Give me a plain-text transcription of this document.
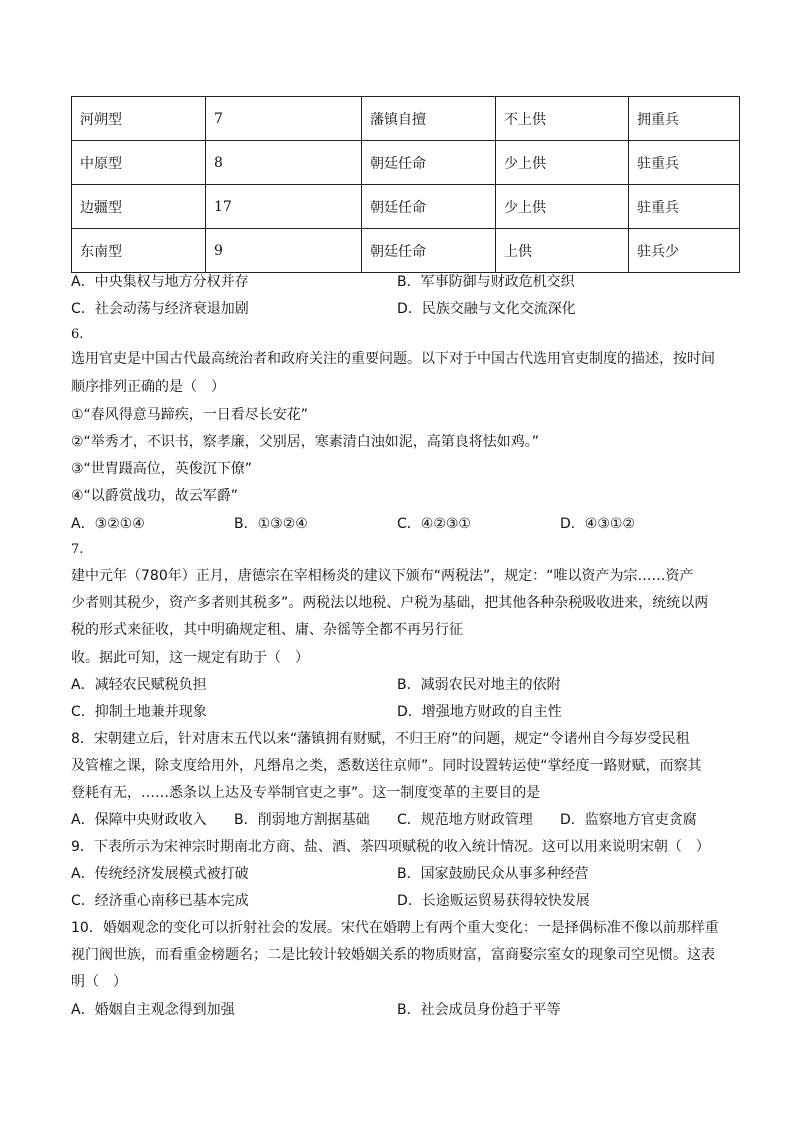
河朔型	7	藩镇自擅	不上供	拥重兵
中原型	8	朝廷任命	少上供	驻重兵
边疆型	17	朝廷任命	少上供	驻重兵
东南型	9	朝廷任命	上供	驻兵少
A．中央集权与地方分权并存	B．军事防御与财政危机交织
C．社会动荡与经济衰退加剧	D．民族交融与文化交流深化
6.
选用官吏是中国古代最高统治者和政府关注的重要问题。以下对于中国古代选用官吏制度的描述，按时间
顺序排列正确的是（　）
①“春风得意马蹄疾，一日看尽长安花”
②“举秀才，不识书，察孝廉，父别居，寒素清白浊如泥，高第良将怯如鸡。”
③“世胄蹑高位，英俊沉下僚”
④“以爵赏战功，故云军爵”
A．③②①④	B．①③②④	C．④②③①	D．④③①②
7.
建中元年（780年）正月，唐德宗在宰相杨炎的建议下颁布“两税法”，规定：“唯以资产为宗……资产
少者则其税少，资产多者则其税多”。两税法以地税、户税为基础，把其他各种杂税吸收进来，统统以两
税的形式来征收，其中明确规定租、庸、杂徭等全都不再另行征
收。据此可知，这一规定有助于（　）
A．减轻农民赋税负担	B．减弱农民对地主的依附
C．抑制土地兼并现象	D．增强地方财政的自主性
8．宋朝建立后，针对唐末五代以来“藩镇拥有财赋，不归王府”的问题，规定“令诸州自今每岁受民租
及管榷之课，除支度给用外，凡缗帛之类，悉数送往京师”。同时设置转运使“掌经度一路财赋，而察其
登耗有无，……悉条以上达及专举制官吏之事”。这一制度变革的主要目的是
A．保障中央财政收入 B．削弱地方割据基础 C．规范地方财政管理 D．监察地方官吏贪腐
9．下表所示为宋神宗时期南北方商、盐、酒、茶四项赋税的收入统计情况。这可以用来说明宋朝（　）
A．传统经济发展模式被打破	B．国家鼓励民众从事多种经营
C．经济重心南移已基本完成	D．长途贩运贸易获得较快发展
10．婚姻观念的变化可以折射社会的发展。宋代在婚聘上有两个重大变化：一是择偶标准不像以前那样重
视门阀世族，而看重金榜题名；二是比较计较婚姻关系的物质财富，富商娶宗室女的现象司空见惯。这表
明（　）
A．婚姻自主观念得到加强	B．社会成员身份趋于平等
